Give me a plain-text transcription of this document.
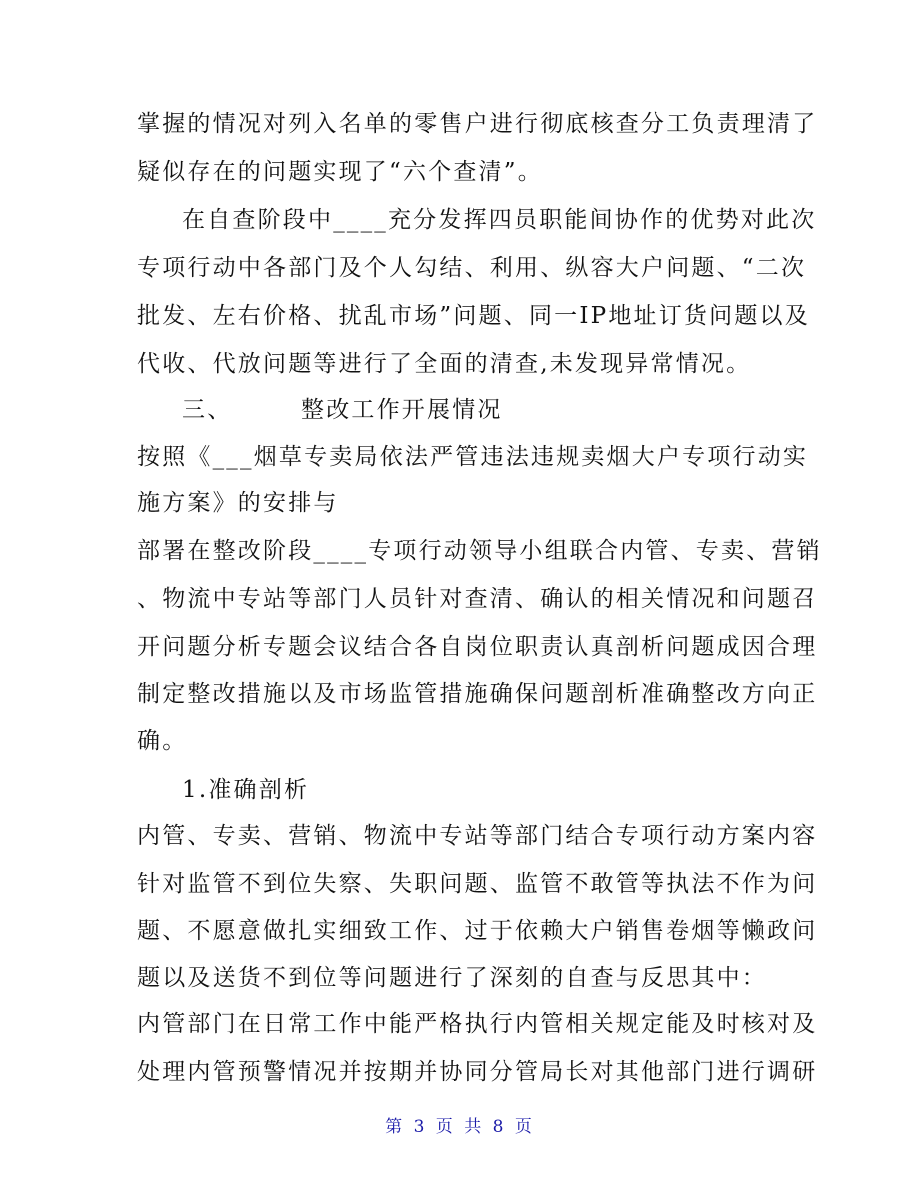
掌握的情况对列入名单的零售户进行彻底核查分工负责理清了
疑似存在的问题实现了“六个查清”。
在自查阶段中____充分发挥四员职能间协作的优势对此次
专项行动中各部门及个人勾结、利用、纵容大户问题、“二次
批发、左右价格、扰乱市场”问题、同一IP地址订货问题以及
代收、代放问题等进行了全面的清查,未发现异常情况。
三、	整改工作开展情况
按照《___烟草专卖局依法严管违法违规卖烟大户专项行动实
施方案》的安排与
部署在整改阶段____专项行动领导小组联合内管、专卖、营销
、物流中专站等部门人员针对查清、确认的相关情况和问题召
开问题分析专题会议结合各自岗位职责认真剖析问题成因合理
制定整改措施以及市场监管措施确保问题剖析准确整改方向正
确。
1.准确剖析
内管、专卖、营销、物流中专站等部门结合专项行动方案内容
针对监管不到位失察、失职问题、监管不敢管等执法不作为问
题、不愿意做扎实细致工作、过于依赖大户销售卷烟等懒政问
题以及送货不到位等问题进行了深刻的自查与反思其中：
内管部门在日常工作中能严格执行内管相关规定能及时核对及
处理内管预警情况并按期并协同分管局长对其他部门进行调研
第 3 页 共 8 页
